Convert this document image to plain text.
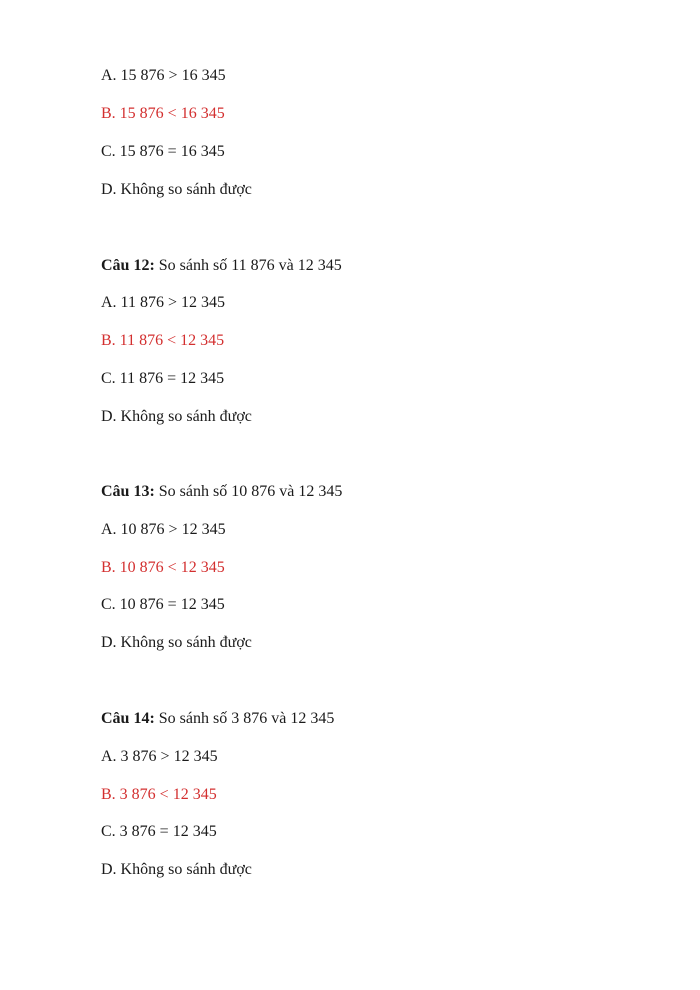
A. 15 876 > 16 345
B. 15 876 < 16 345
C. 15 876 = 16 345
D. Không so sánh được
Câu 12: So sánh số 11 876 và 12 345
A. 11 876 > 12 345
B. 11 876 < 12 345
C. 11 876 = 12 345
D. Không so sánh được
Câu 13: So sánh số 10 876 và 12 345
A. 10 876 > 12 345
B. 10 876 < 12 345
C. 10 876 = 12 345
D. Không so sánh được
Câu 14: So sánh số 3 876 và 12 345
A. 3 876 > 12 345
B. 3 876 < 12 345
C. 3 876 = 12 345
D. Không so sánh được
